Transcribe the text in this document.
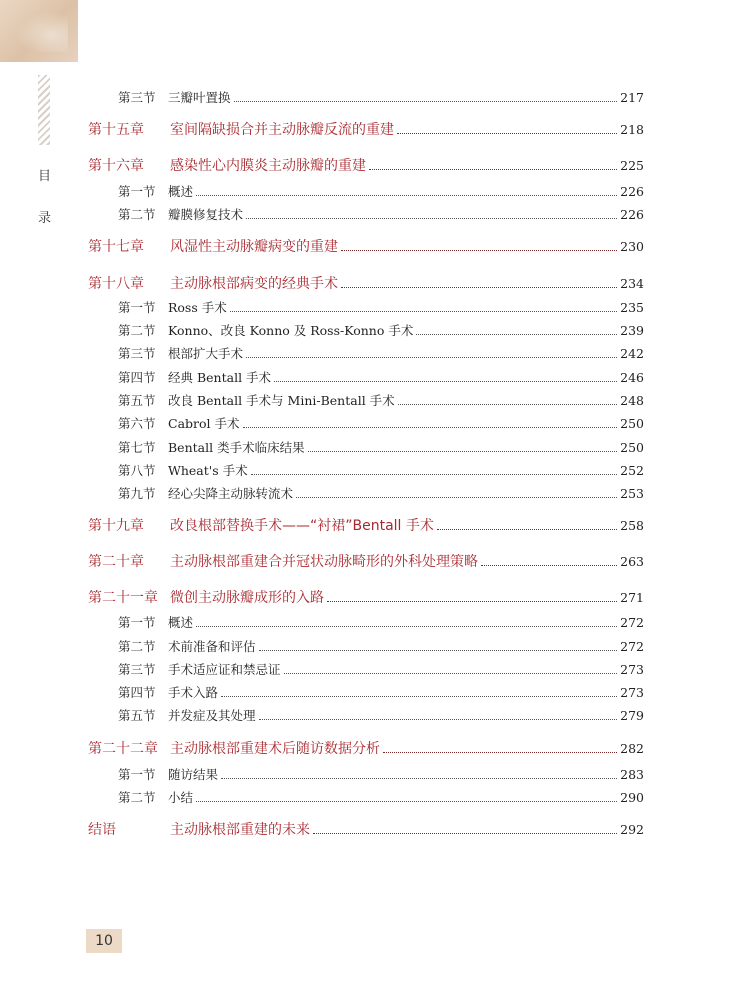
目
录
第三节 三瓣叶置换	217
第十五章	室间隔缺损合并主动脉瓣反流的重建	218
第十六章	感染性心内膜炎主动脉瓣的重建	225
第一节 概述	226
第二节 瓣膜修复技术	226
第十七章	风湿性主动脉瓣病变的重建	230
第十八章	主动脉根部病变的经典手术	234
第一节 Ross 手术	235
第二节 Konno、改良 Konno 及 Ross-Konno 手术	239
第三节 根部扩大手术	242
第四节 经典 Bentall 手术	246
第五节 改良 Bentall 手术与 Mini-Bentall 手术	248
第六节 Cabrol 手术	250
第七节 Bentall 类手术临床结果	250
第八节 Wheat's 手术	252
第九节 经心尖降主动脉转流术	253
第十九章	改良根部替换手术——“衬裙”Bentall 手术	258
第二十章	主动脉根部重建合并冠状动脉畸形的外科处理策略	263
第二十一章 微创主动脉瓣成形的入路	271
第一节 概述	272
第二节 术前准备和评估	272
第三节 手术适应证和禁忌证	273
第四节 手术入路	273
第五节 并发症及其处理	279
第二十二章 主动脉根部重建术后随访数据分析	282
第一节 随访结果	283
第二节 小结	290
结语	主动脉根部重建的未来	292
10
